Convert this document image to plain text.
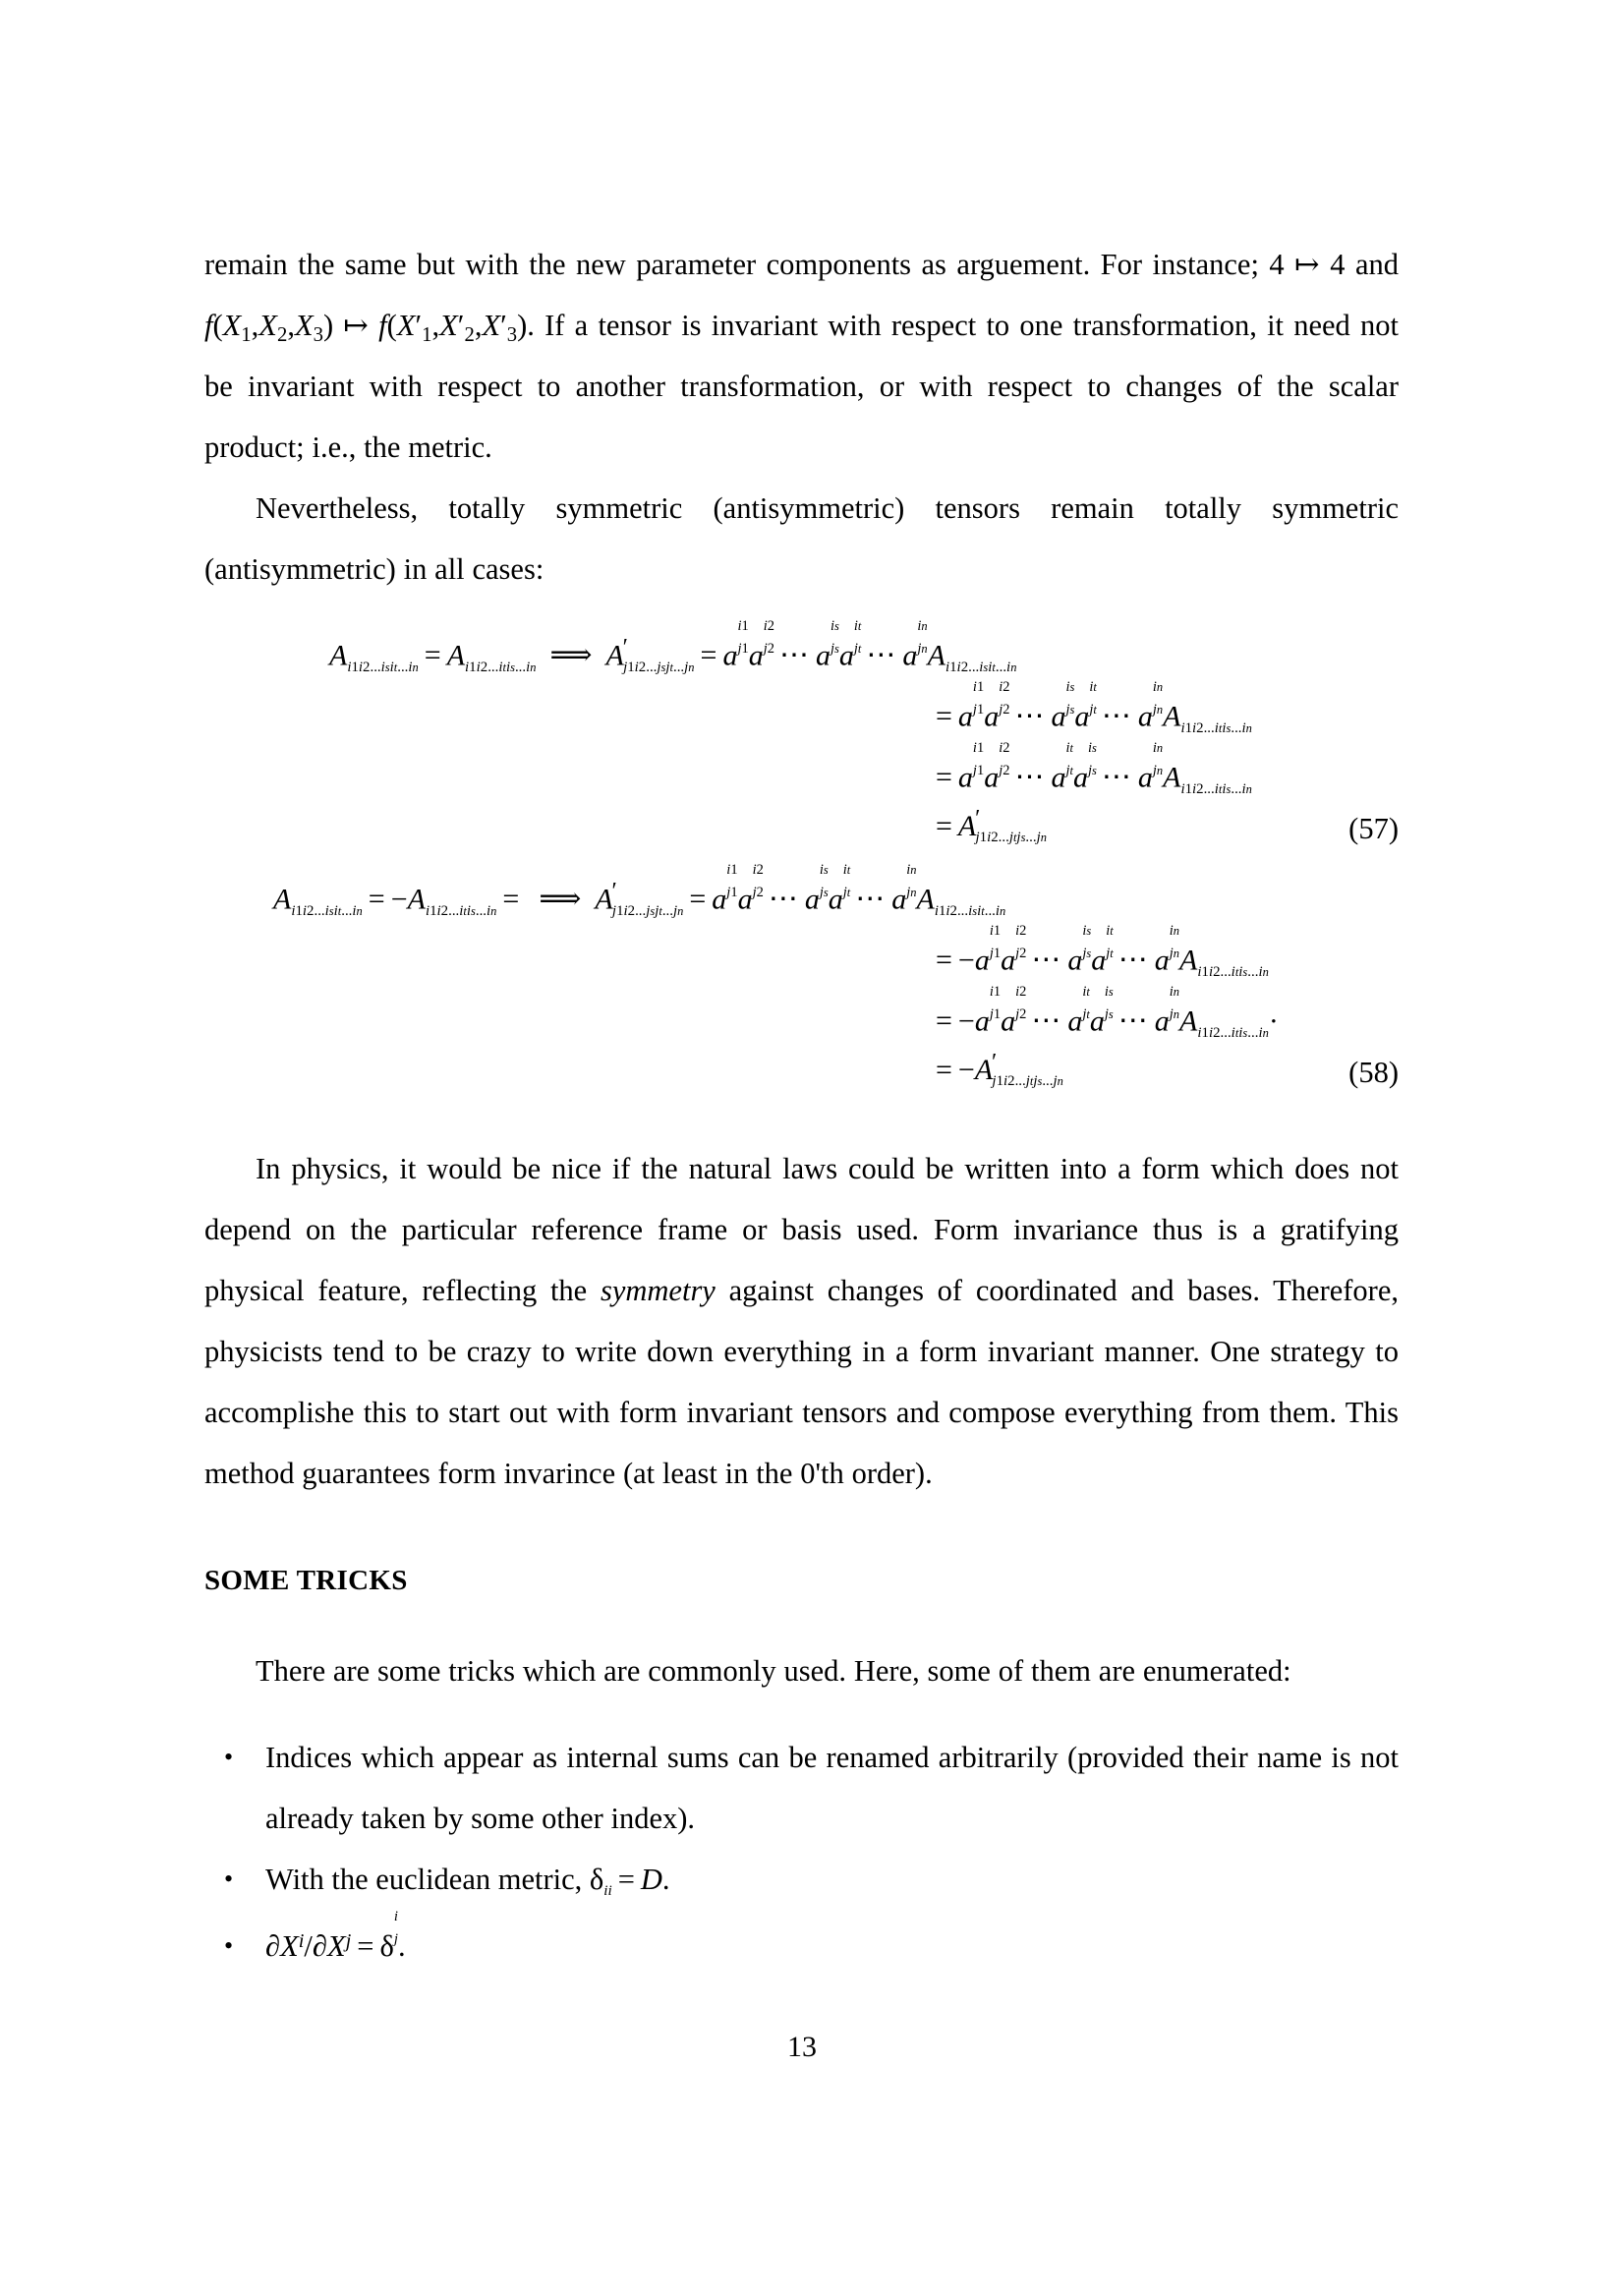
remain the same but with the new parameter components as arguement. For instance; 4 ↦ 4 and $f(X_1,X_2,X_3)$ ↦ $f(X'_1,X'_2,X'_3)$. If a tensor is invariant with respect to one transformation, it need not be invariant with respect to another transformation, or with respect to changes of the scalar product; i.e., the metric.

Nevertheless, totally symmetric (antisymmetric) tensors remain totally symmetric (antisymmetric) in all cases:

$A_{i1i2...isit...in} = A_{i1i2...itis...in}$ ⟹ $A'_{j1i2...jsjt...jn} = a$
i1
j1 a
i2
j2 ⋯ a
is
js a
it
jt ⋯ a
in
jn $A_{i1i2...isit...in}$
= a
i1
j1 a
i2
j2 ⋯ a
is
js a
it
jt ⋯ a
in
jn $A_{i1i2...itis...in}$
= a
i1
j1 a
i2
j2 ⋯ a
it
jt a
is
js ⋯ a
in
jn $A_{i1i2...itis...in}$
= $A'_{j1i2...jtjs...jn}$	(57)
$A_{i1i2...isit...in} = -A_{i1i2...itis...in}$ = ⟹ $A'_{j1i2...jsjt...jn} = a$
i1
j1 a
i2
j2 ⋯ a
is
js a
it
jt ⋯ a
in
jn $A_{i1i2...isit...in}$
= −a
i1
j1 a
i2
j2 ⋯ a
is
js a
it
jt ⋯ a
in
jn $A_{i1i2...itis...in}$
= −a
i1
j1 a
i2
j2 ⋯ a
it
jt a
is
js ⋯ a
in
jn $A_{i1i2...itis...in}\cdot$
= $-A'_{j1i2...jtjs...jn}$	(58)

In physics, it would be nice if the natural laws could be written into a form which does not depend on the particular reference frame or basis used. Form invariance thus is a gratifying physical feature, reflecting the symmetry against changes of coordinated and bases. Therefore, physicists tend to be crazy to write down everything in a form invariant manner. One strategy to accomplishe this to start out with form invariant tensors and compose everything from them. This method guarantees form invarince (at least in the 0'th order).

SOME TRICKS

There are some tricks which are commonly used. Here, some of them are enumerated:

• Indices which appear as internal sums can be renamed arbitrarily (provided their name is not already taken by some other index).
• With the euclidean metric, $\delta_{ii} = D$.
• $\partial X^i/\partial X^j = \delta$
i
j .
13
